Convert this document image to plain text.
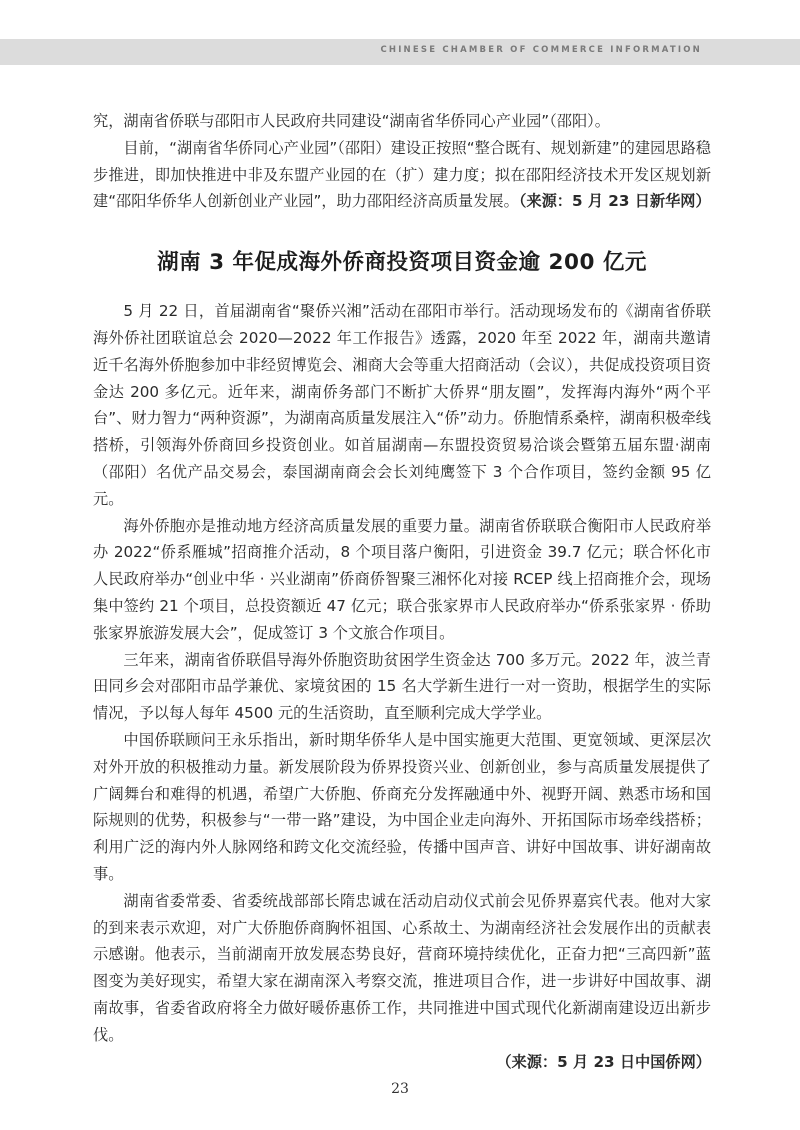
CHINESE CHAMBER OF COMMERCE INFORMATION

究，湖南省侨联与邵阳市人民政府共同建设“湖南省华侨同心产业园”（邵阳）。

目前，“湖南省华侨同心产业园”（邵阳）建设正按照“整合既有、规划新建”的建园思路稳步推进，即加快推进中非及东盟产业园的在（扩）建力度；拟在邵阳经济技术开发区规划新建“邵阳华侨华人创新创业产业园”，助力邵阳经济高质量发展。（来源：5 月 23 日新华网）

湖南 3 年促成海外侨商投资项目资金逾 200 亿元

5 月 22 日，首届湖南省“聚侨兴湘”活动在邵阳市举行。活动现场发布的《湖南省侨联海外侨社团联谊总会 2020—2022 年工作报告》透露，2020 年至 2022 年，湖南共邀请近千名海外侨胞参加中非经贸博览会、湘商大会等重大招商活动（会议），共促成投资项目资金达 200 多亿元。近年来，湖南侨务部门不断扩大侨界“朋友圈”，发挥海内海外“两个平台”、财力智力“两种资源”，为湖南高质量发展注入“侨”动力。侨胞情系桑梓，湖南积极牵线搭桥，引领海外侨商回乡投资创业。如首届湖南—东盟投资贸易洽谈会暨第五届东盟·湖南（邵阳）名优产品交易会，泰国湖南商会会长刘纯鹰签下 3 个合作项目，签约金额 95 亿元。

海外侨胞亦是推动地方经济高质量发展的重要力量。湖南省侨联联合衡阳市人民政府举办 2022“侨系雁城”招商推介活动，8 个项目落户衡阳，引进资金 39.7 亿元；联合怀化市人民政府举办“创业中华 · 兴业湖南”侨商侨智聚三湘怀化对接 RCEP 线上招商推介会，现场集中签约 21 个项目，总投资额近 47 亿元；联合张家界市人民政府举办“侨系张家界 · 侨助张家界旅游发展大会”，促成签订 3 个文旅合作项目。

三年来，湖南省侨联倡导海外侨胞资助贫困学生资金达 700 多万元。2022 年，波兰青田同乡会对邵阳市品学兼优、家境贫困的 15 名大学新生进行一对一资助，根据学生的实际情况，予以每人每年 4500 元的生活资助，直至顺利完成大学学业。

中国侨联顾问王永乐指出，新时期华侨华人是中国实施更大范围、更宽领域、更深层次对外开放的积极推动力量。新发展阶段为侨界投资兴业、创新创业，参与高质量发展提供了广阔舞台和难得的机遇，希望广大侨胞、侨商充分发挥融通中外、视野开阔、熟悉市场和国际规则的优势，积极参与“一带一路”建设，为中国企业走向海外、开拓国际市场牵线搭桥；利用广泛的海内外人脉网络和跨文化交流经验，传播中国声音、讲好中国故事、讲好湖南故事。

湖南省委常委、省委统战部部长隋忠诚在活动启动仪式前会见侨界嘉宾代表。他对大家的到来表示欢迎，对广大侨胞侨商胸怀祖国、心系故土、为湖南经济社会发展作出的贡献表示感谢。他表示，当前湖南开放发展态势良好，营商环境持续优化，正奋力把“三高四新”蓝图变为美好现实，希望大家在湖南深入考察交流，推进项目合作，进一步讲好中国故事、湖南故事，省委省政府将全力做好暖侨惠侨工作，共同推进中国式现代化新湖南建设迈出新步伐。

（来源：5 月 23 日中国侨网）

23
